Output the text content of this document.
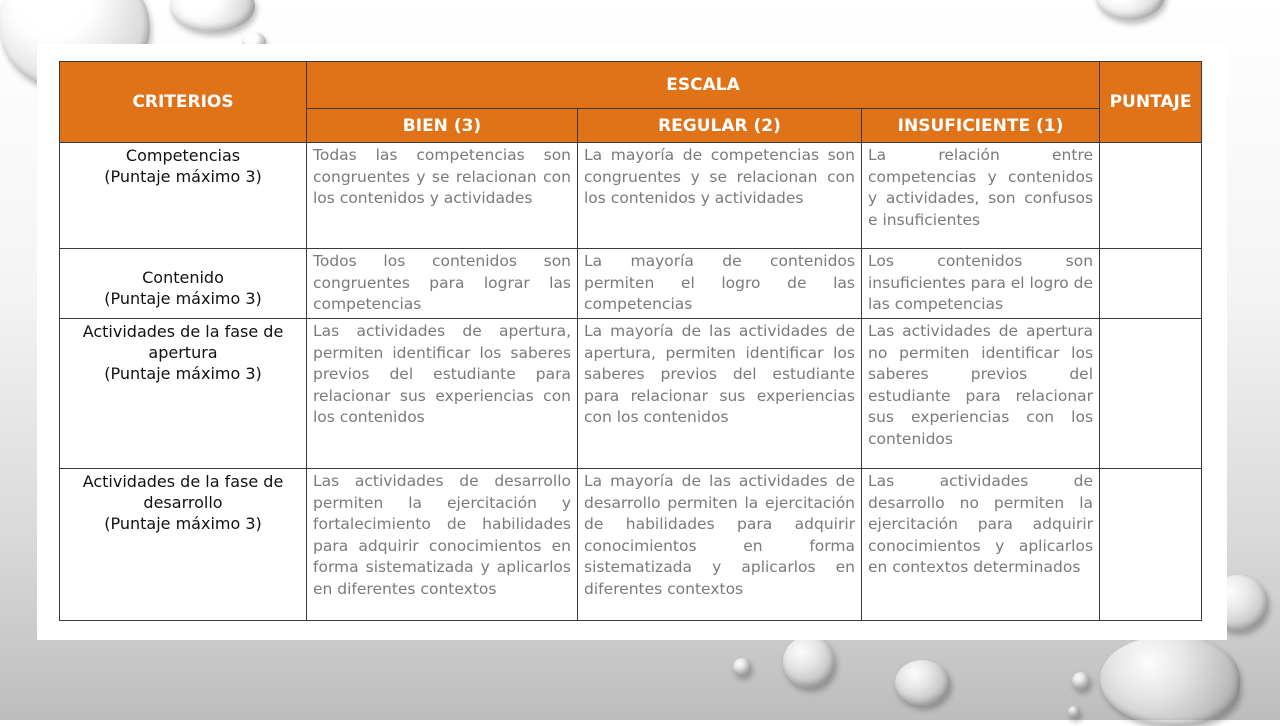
CRITERIOS	ESCALA			PUNTAJE
	BIEN (3)	REGULAR (2)	INSUFICIENTE (1)	

Competencias
(Puntaje máximo 3)	Todas las competencias son congruentes y se relacionan con los contenidos y actividades	La mayoría de competencias son congruentes y se relacionan con los contenidos y actividades	La relación entre competencias y contenidos y actividades, son confusos e insuficientes	

Contenido
(Puntaje máximo 3)	Todos los contenidos son congruentes para lograr las competencias	La mayoría de contenidos permiten el logro de las competencias	Los contenidos son insuficientes para el logro de las competencias	

Actividades de la fase de apertura
(Puntaje máximo 3)	Las actividades de apertura, permiten identificar los saberes previos del estudiante para relacionar sus experiencias con los contenidos	La mayoría de las actividades de apertura, permiten identificar los saberes previos del estudiante para relacionar sus experiencias con los contenidos	Las actividades de apertura no permiten identificar los saberes previos del estudiante para relacionar sus experiencias con los contenidos	

Actividades de la fase de desarrollo
(Puntaje máximo 3)	Las actividades de desarrollo permiten la ejercitación y fortalecimiento de habilidades para adquirir conocimientos en forma sistematizada y aplicarlos en diferentes contextos	La mayoría de las actividades de desarrollo permiten la ejercitación de habilidades para adquirir conocimientos en forma sistematizada y aplicarlos en diferentes contextos	Las actividades de desarrollo no permiten la ejercitación para adquirir conocimientos y aplicarlos en contextos determinados	
